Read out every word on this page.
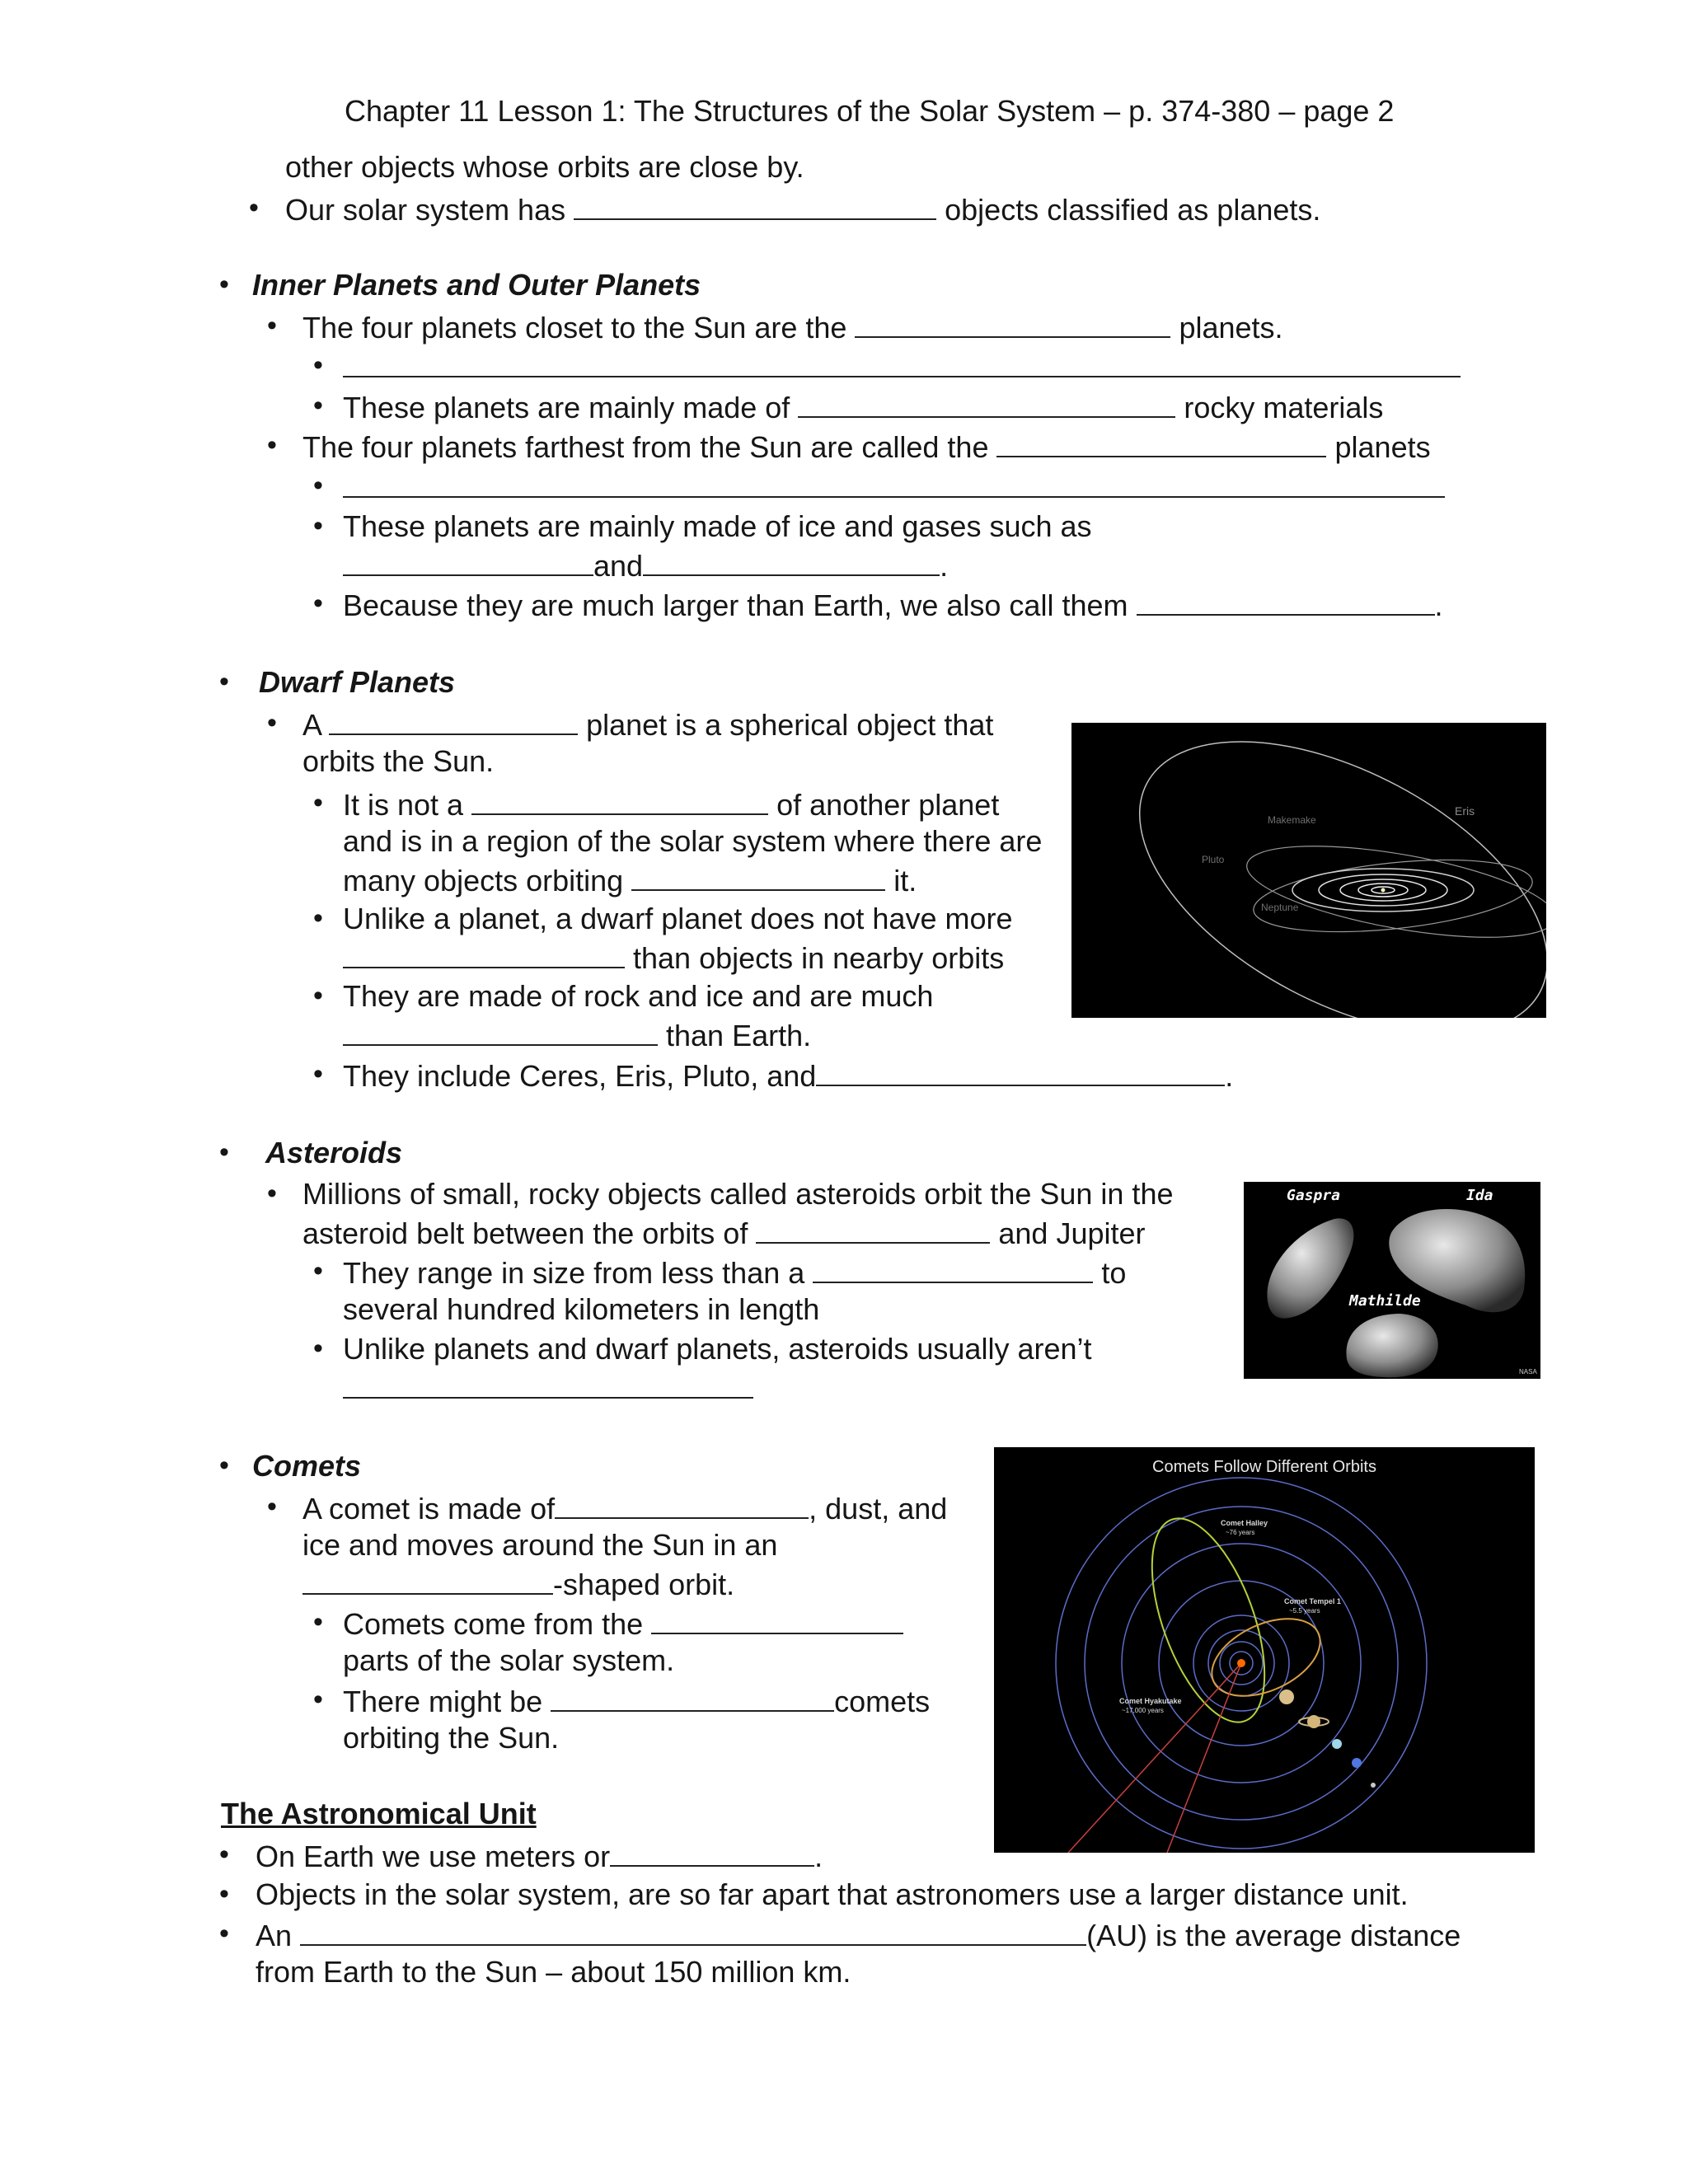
Chapter 11 Lesson 1: The Structures of the Solar System – p. 374-380 – page 2
other objects whose orbits are close by.
• Our solar system has	objects classified as planets.
• Inner Planets and Outer Planets
• The four planets closet to the Sun are the	planets.
•
• These planets are mainly made of	rocky materials
• The four planets farthest from the Sun are called the	planets
•
• These planets are mainly made of ice and gases such as
and	.
• Because they are much larger than Earth, we also call them	.
• Dwarf Planets
• A	planet is a spherical object that
orbits the Sun.
• It is not a	of another planet
and is in a region of the solar system where there are
many objects orbiting	it.
• Unlike a planet, a dwarf planet does not have more
than objects in nearby orbits
• They are made of rock and ice and are much
than Earth.
• They include Ceres, Eris, Pluto, and	.
Eris
Makemake
Pluto
Neptune
• Asteroids
• Millions of small, rocky objects called asteroids orbit the Sun in the
asteroid belt between the orbits of	and Jupiter
• They range in size from less than a	to
several hundred kilometers in length
• Unlike planets and dwarf planets, asteroids usually aren’t
Gaspra	Ida
Mathilde
NASA
• Comets
• A comet is made of	, dust, and
ice and moves around the Sun in an
-shaped orbit.
• Comets come from the
parts of the solar system.
• There might be	comets
orbiting the Sun.
Comets Follow Different Orbits
Comet Halley
~76 years
Comet Tempel 1
~5.5 years
Comet Hyakutake
~17,000 years
The Astronomical Unit
• On Earth we use meters or	.
• Objects in the solar system, are so far apart that astronomers use a larger distance unit.
• An	(AU) is the average distance
from Earth to the Sun – about 150 million km.
